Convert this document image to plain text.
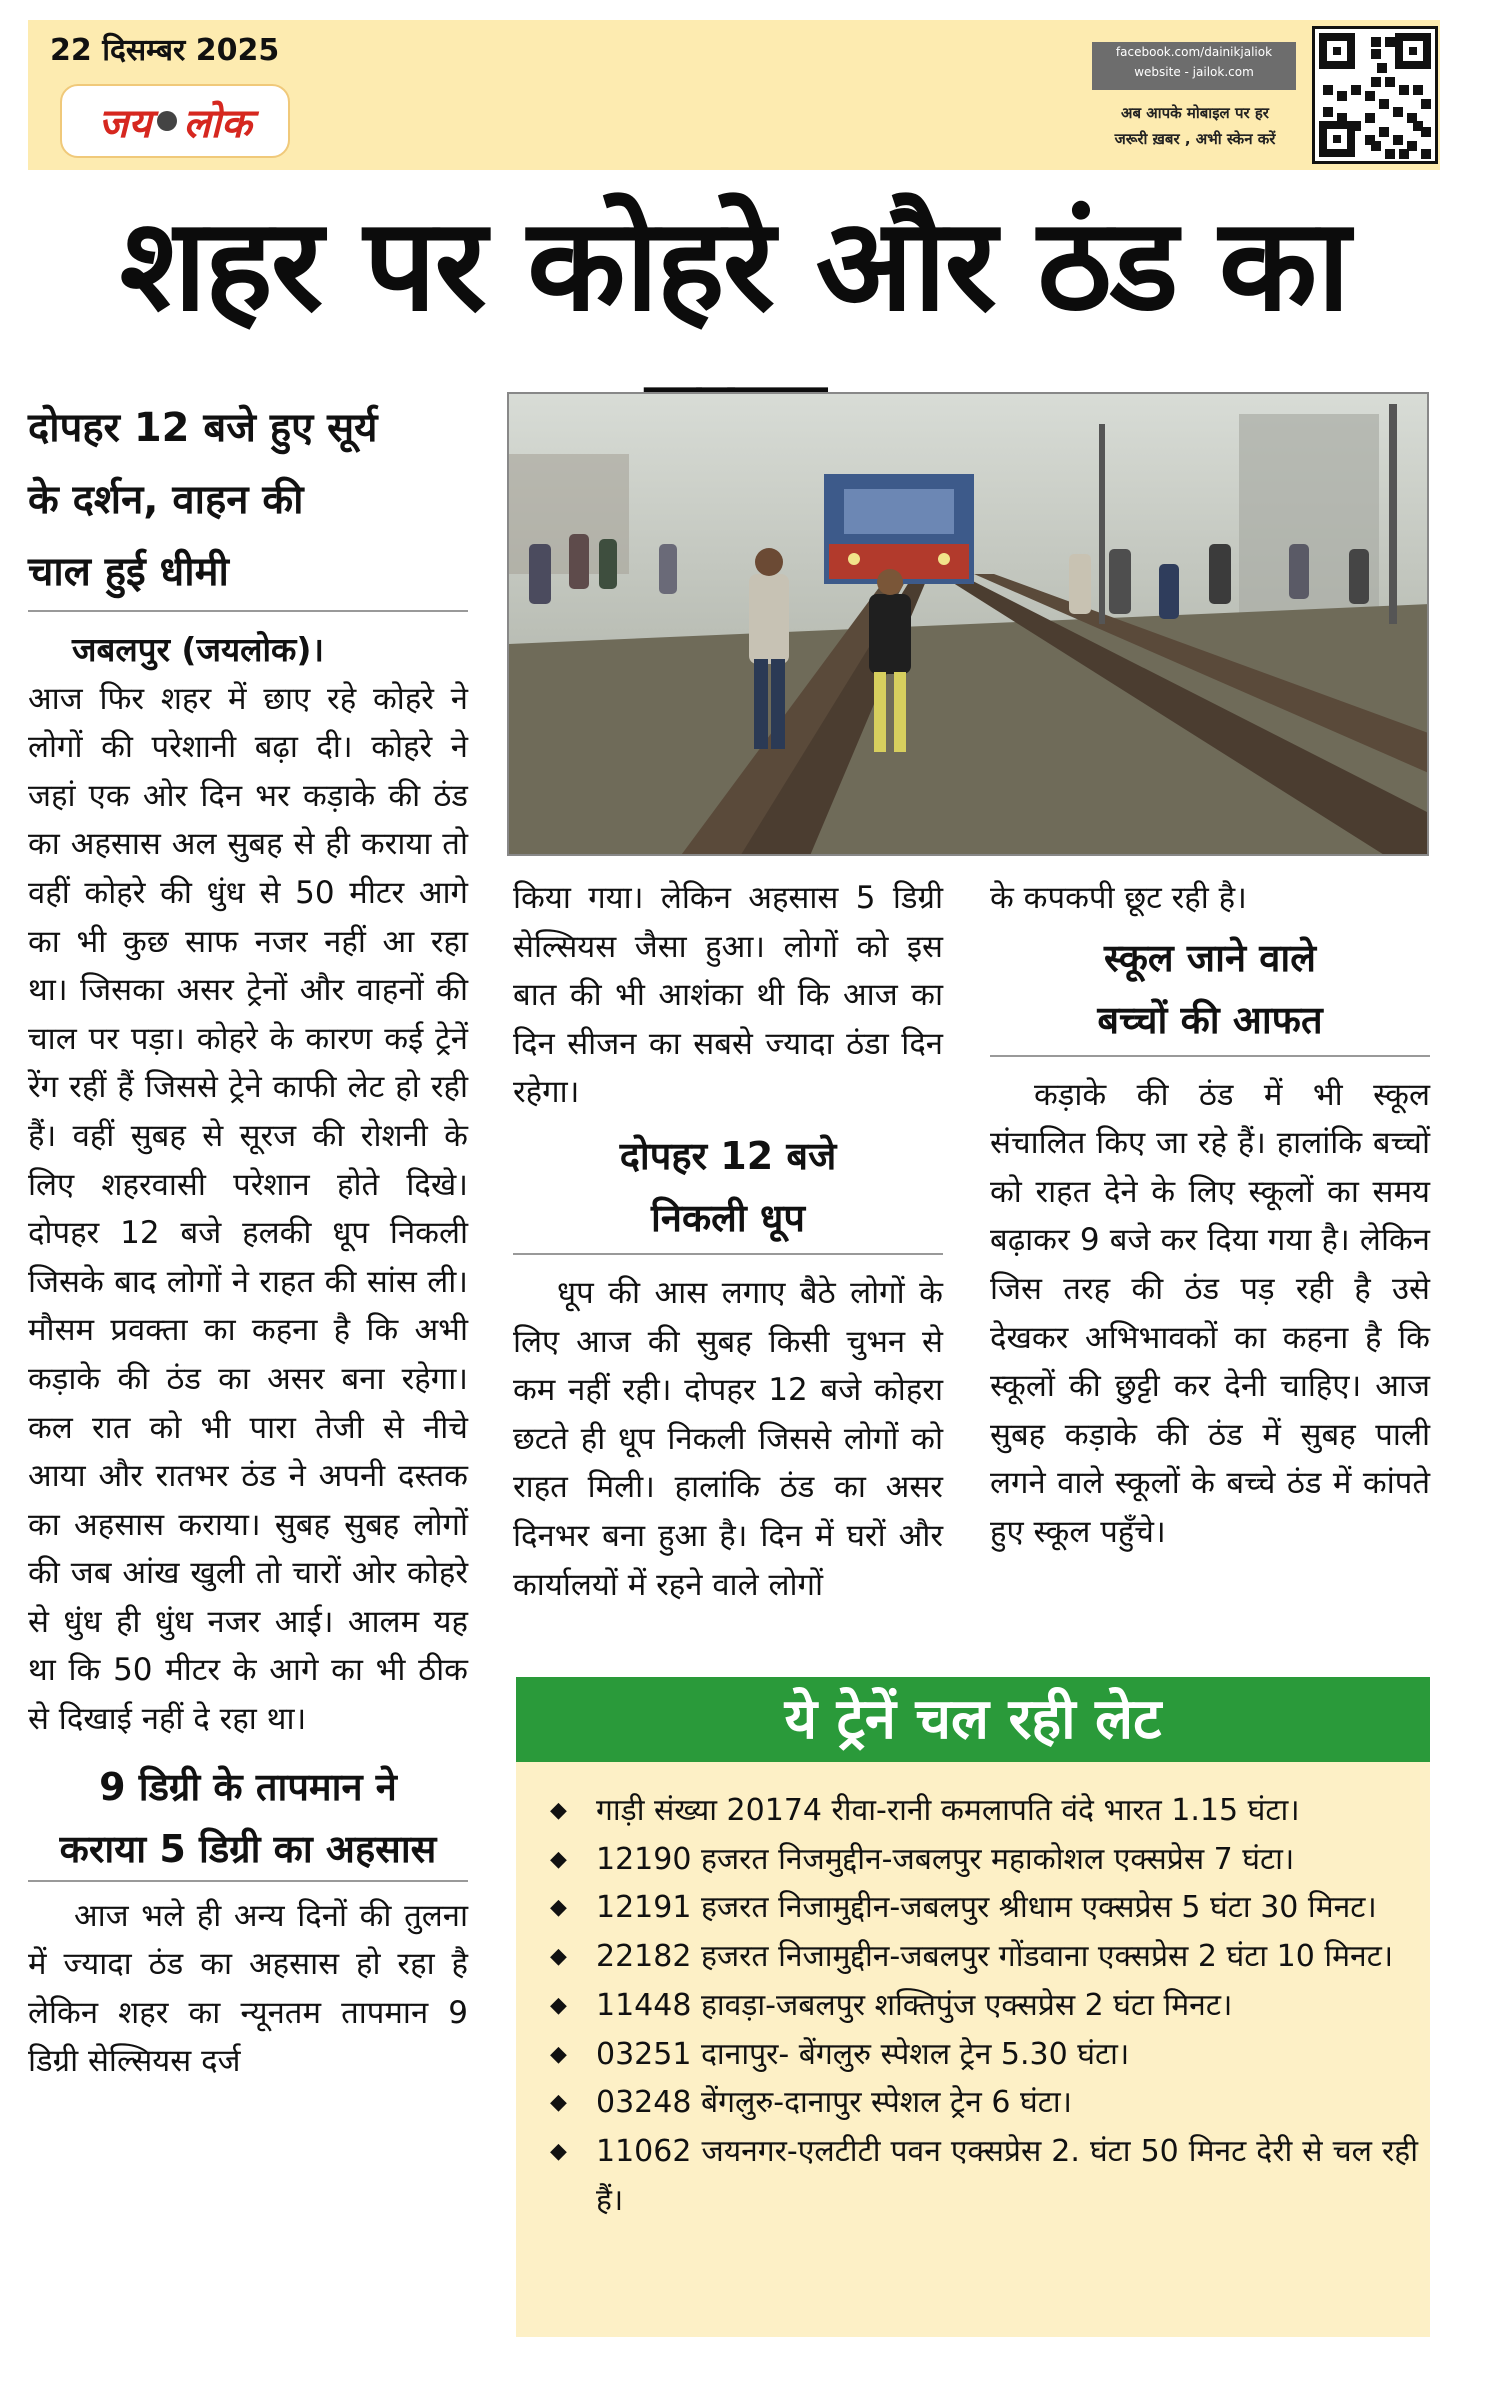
22 दिसम्बर 2025
जय लोक
facebook.com/dainikjaliok
website - jailok.com
अब आपके मोबाइल पर हर
जरूरी ख़बर , अभी स्केन करें
शहर पर कोहरे और ठंड का
दोपहर 12 बजे हुए सूर्य
के दर्शन, वाहन की
चाल हुई धीमी

जबलपुर (जयलोक)।

आज फिर शहर में छाए रहे कोहरे ने लोगों की परेशानी बढ़ा दी। कोहरे ने जहां एक ओर दिन भर कड़ाके की ठंड का अहसास अल सुबह से ही कराया तो वहीं कोहरे की धुंध से 50 मीटर आगे का भी कुछ साफ नजर नहीं आ रहा था। जिसका असर ट्रेनों और वाहनों की चाल पर पड़ा। कोहरे के कारण कई ट्रेनें रेंग रहीं हैं जिससे ट्रेने काफी लेट हो रही हैं। वहीं सुबह से सूरज की रोशनी के लिए शहरवासी परेशान होते दिखे। दोपहर 12 बजे हलकी धूप निकली जिसके बाद लोगों ने राहत की सांस ली। मौसम प्रवक्ता का कहना है कि अभी कड़ाके की ठंड का असर बना रहेगा। कल रात को भी पारा तेजी से नीचे आया और रातभर ठंड ने अपनी दस्तक का अहसास कराया। सुबह सुबह लोगों की जब आंख खुली तो चारों ओर कोहरे से धुंध ही धुंध नजर आई। आलम यह था कि 50 मीटर के आगे का भी ठीक से दिखाई नहीं दे रहा था।

9 डिग्री के तापमान ने
कराया 5 डिग्री का अहसास

आज भले ही अन्य दिनों की तुलना में ज्यादा ठंड का अहसास हो रहा है लेकिन शहर का न्यूनतम तापमान 9 डिग्री सेल्सियस दर्ज

किया गया। लेकिन अहसास 5 डिग्री सेल्सियस जैसा हुआ। लोगों को इस बात की भी आशंका थी कि आज का दिन सीजन का सबसे ज्यादा ठंडा दिन रहेगा।

दोपहर 12 बजे
निकली धूप

धूप की आस लगाए बैठे लोगों के लिए आज की सुबह किसी चुभन से कम नहीं रही। दोपहर 12 बजे कोहरा छटते ही धूप निकली जिससे लोगों को राहत मिली। हालांकि ठंड का असर दिनभर बना हुआ है। दिन में घरों और कार्यालयों में रहने वाले लोगों

के कपकपी छूट रही है।

स्कूल जाने वाले
बच्चों की आफत

कड़ाके की ठंड में भी स्कूल संचालित किए जा रहे हैं। हालांकि बच्चों को राहत देने के लिए स्कूलों का समय बढ़ाकर 9 बजे कर दिया गया है। लेकिन जिस तरह की ठंड पड़ रही है उसे देखकर अभिभावकों का कहना है कि स्कूलों की छुट्टी कर देनी चाहिए। आज सुबह कड़ाके की ठंड में सुबह पाली लगने वाले स्कूलों के बच्चे ठंड में कांपते हुए स्कूल पहुँचे।

ये ट्रेनें चल रही लेट
◆ गाड़ी संख्या 20174 रीवा-रानी कमलापति वंदे भारत 1.15 घंटा।
◆ 12190 हजरत निजमुद्दीन-जबलपुर महाकोशल एक्सप्रेस 7 घंटा।
◆ 12191 हजरत निजामुद्दीन-जबलपुर श्रीधाम एक्सप्रेस 5 घंटा 30 मिनट।
◆ 22182 हजरत निजामुद्दीन-जबलपुर गोंडवाना एक्सप्रेस 2 घंटा 10 मिनट।
◆ 11448 हावड़ा-जबलपुर शक्तिपुंज एक्सप्रेस 2 घंटा मिनट।
◆ 03251 दानापुर- बेंगलुरु स्पेशल ट्रेन 5.30 घंटा।
◆ 03248 बेंगलुरु-दानापुर स्पेशल ट्रेन 6 घंटा।
◆ 11062 जयनगर-एलटीटी पवन एक्सप्रेस 2. घंटा 50 मिनट देरी से चल रही हैं।
